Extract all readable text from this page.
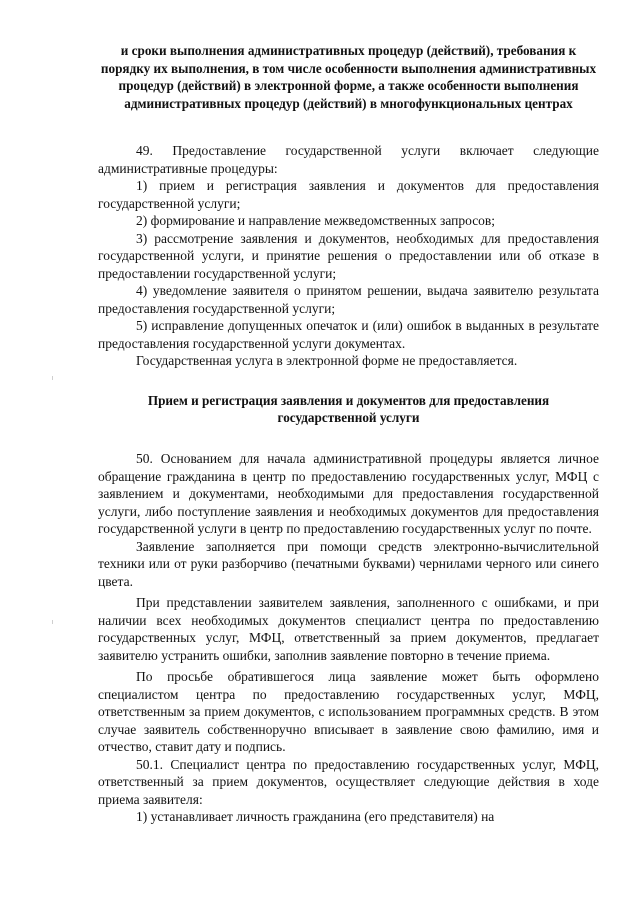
и сроки выполнения административных процедур (действий), требования к порядку их выполнения, в том числе особенности выполнения административных процедур (действий) в электронной форме, а также особенности выполнения административных процедур (действий) в многофункциональных центрах

49. Предоставление государственной услуги включает следующие административные процедуры:

1) прием и регистрация заявления и документов для предоставления государственной услуги;

2) формирование и направление межведомственных запросов;

3) рассмотрение заявления и документов, необходимых для предоставления государственной услуги, и принятие решения о предоставлении или об отказе в предоставлении государственной услуги;

4) уведомление заявителя о принятом решении, выдача заявителю результата предоставления государственной услуги;

5) исправление допущенных опечаток и (или) ошибок в выданных в результате предоставления государственной услуги документах.

Государственная услуга в электронной форме не предоставляется.

Прием и регистрация заявления и документов для предоставления государственной услуги

50. Основанием для начала административной процедуры является личное обращение гражданина в центр по предоставлению государственных услуг, МФЦ с заявлением и документами, необходимыми для предоставления государственной услуги, либо поступление заявления и необходимых документов для предоставления государственной услуги в центр по предоставлению государственных услуг по почте.

Заявление заполняется при помощи средств электронно-вычислительной техники или от руки разборчиво (печатными буквами) чернилами черного или синего цвета.

При представлении заявителем заявления, заполненного с ошибками, и при наличии всех необходимых документов специалист центра по предоставлению государственных услуг, МФЦ, ответственный за прием документов, предлагает заявителю устранить ошибки, заполнив заявление повторно в течение приема.

По просьбе обратившегося лица заявление может быть оформлено специалистом центра по предоставлению государственных услуг, МФЦ, ответственным за прием документов, с использованием программных средств. В этом случае заявитель собственноручно вписывает в заявление свою фамилию, имя и отчество, ставит дату и подпись.

50.1. Специалист центра по предоставлению государственных услуг, МФЦ, ответственный за прием документов, осуществляет следующие действия в ходе приема заявителя:

1) устанавливает личность гражданина (его представителя) на
